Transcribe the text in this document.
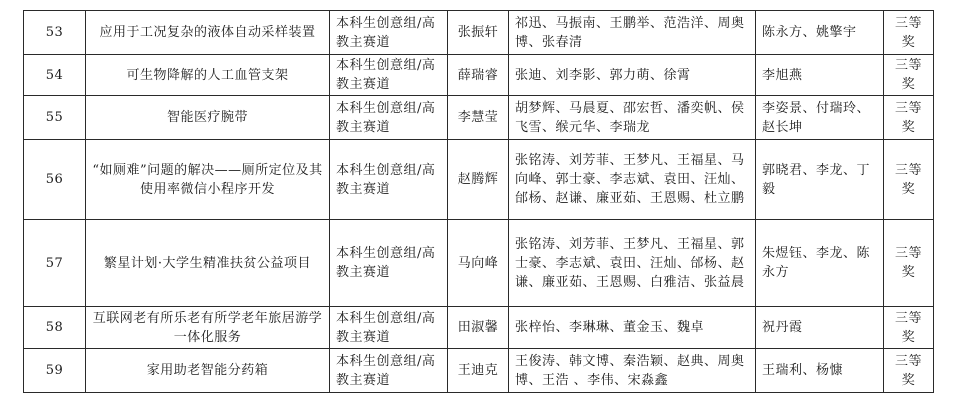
53	应用于工况复杂的液体自动采样装置	本科生创意组/高教主赛道	张振轩	祁迅、马振南、王鹏举、范浩洋、周奥博、张春清	陈永方、姚擎宇	三等奖
54	可生物降解的人工血管支架	本科生创意组/高教主赛道	薛瑞睿	张迪、刘李影、郭力萌、徐霄	李旭燕	三等奖
55	智能医疗腕带	本科生创意组/高教主赛道	李慧莹	胡梦辉、马晨夏、邵宏哲、潘奕帆、侯飞雪、缑元华、李瑞龙	李姿景、付瑞玲、赵长坤	三等奖
56	“如厕难”问题的解决——厕所定位及其使用率微信小程序开发	本科生创意组/高教主赛道	赵腾辉	张铭涛、刘芳菲、王梦凡、王福星、马向峰、郭士豪、李志斌、袁田、汪灿、邰杨、赵谦、廉亚茹、王恩赐、杜立鹏	郭晓君、李龙、丁毅	三等奖
57	繁星计划·大学生精准扶贫公益项目	本科生创意组/高教主赛道	马向峰	张铭涛、刘芳菲、王梦凡、王福星、郭士豪、李志斌、袁田、汪灿、邰杨、赵谦、廉亚茹、王恩赐、白雅洁、张益晨	朱煜钰、李龙、陈永方	三等奖
58	互联网老有所乐老有所学老年旅居游学一体化服务	本科生创意组/高教主赛道	田淑馨	张梓怡、李琳琳、董金玉、魏卓	祝丹霞	三等奖
59	家用助老智能分药箱	本科生创意组/高教主赛道	王迪克	王俊涛、韩文博、秦浩颖、赵典、周奥博、王浩 、李伟、宋淼鑫	王瑞利、杨慷	三等奖
